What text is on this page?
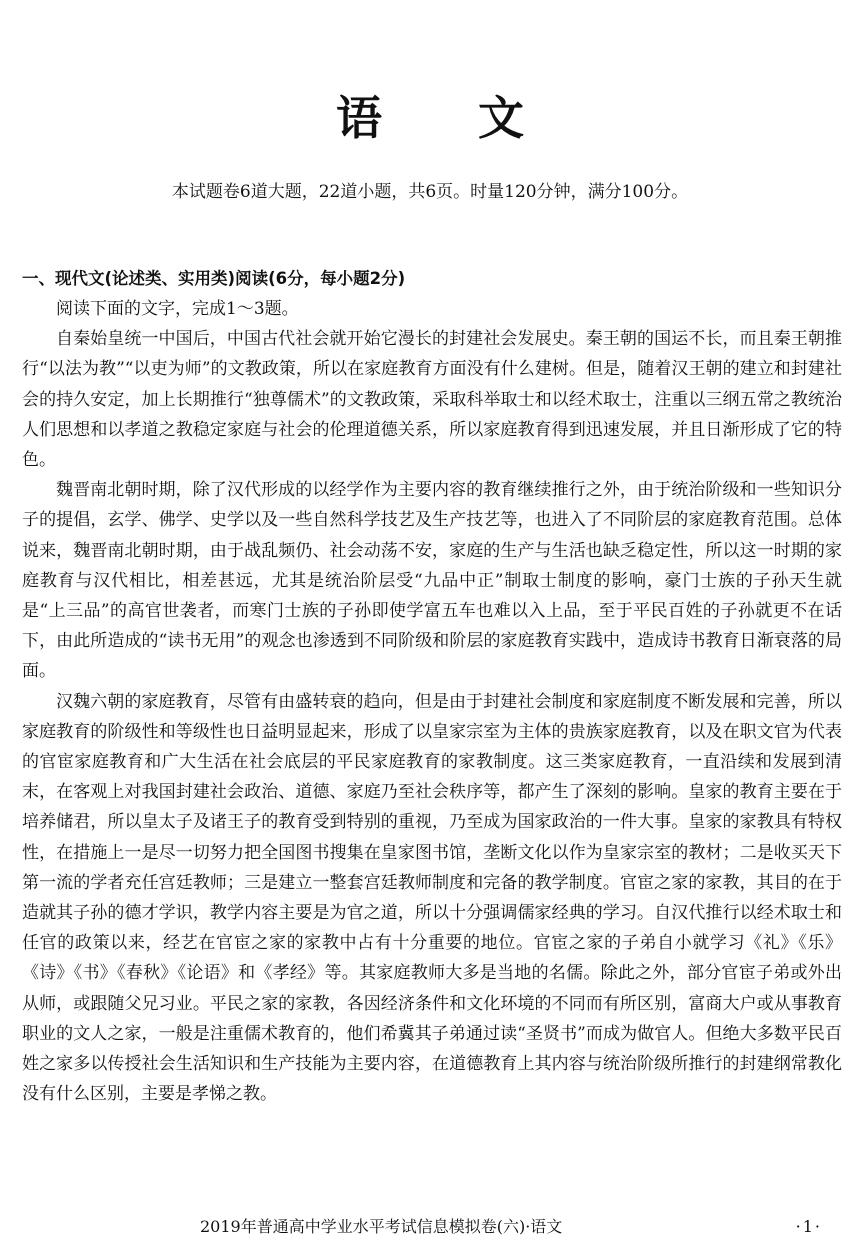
语 文
本试题卷6道大题，22道小题，共6页。时量120分钟，满分100分。
一、现代文(论述类、实用类)阅读(6分，每小题2分)

阅读下面的文字，完成1～3题。

自秦始皇统一中国后，中国古代社会就开始它漫长的封建社会发展史。秦王朝的国运不长，而且秦王朝推行“以法为教”“以吏为师”的文教政策，所以在家庭教育方面没有什么建树。但是，随着汉王朝的建立和封建社会的持久安定，加上长期推行“独尊儒术”的文教政策，采取科举取士和以经术取士，注重以三纲五常之教统治人们思想和以孝道之教稳定家庭与社会的伦理道德关系，所以家庭教育得到迅速发展，并且日渐形成了它的特色。

魏晋南北朝时期，除了汉代形成的以经学作为主要内容的教育继续推行之外，由于统治阶级和一些知识分子的提倡，玄学、佛学、史学以及一些自然科学技艺及生产技艺等，也进入了不同阶层的家庭教育范围。总体说来，魏晋南北朝时期，由于战乱频仍、社会动荡不安，家庭的生产与生活也缺乏稳定性，所以这一时期的家庭教育与汉代相比，相差甚远，尤其是统治阶层受“九品中正”制取士制度的影响，豪门士族的子孙天生就是“上三品”的高官世袭者，而寒门士族的子孙即使学富五车也难以入上品，至于平民百姓的子孙就更不在话下，由此所造成的“读书无用”的观念也渗透到不同阶级和阶层的家庭教育实践中，造成诗书教育日渐衰落的局面。

汉魏六朝的家庭教育，尽管有由盛转衰的趋向，但是由于封建社会制度和家庭制度不断发展和完善，所以家庭教育的阶级性和等级性也日益明显起来，形成了以皇家宗室为主体的贵族家庭教育，以及在职文官为代表的官宦家庭教育和广大生活在社会底层的平民家庭教育的家教制度。这三类家庭教育，一直沿续和发展到清末，在客观上对我国封建社会政治、道德、家庭乃至社会秩序等，都产生了深刻的影响。皇家的教育主要在于培养储君，所以皇太子及诸王子的教育受到特别的重视，乃至成为国家政治的一件大事。皇家的家教具有特权性，在措施上一是尽一切努力把全国图书搜集在皇家图书馆，垄断文化以作为皇家宗室的教材；二是收买天下第一流的学者充任宫廷教师；三是建立一整套宫廷教师制度和完备的教学制度。官宦之家的家教，其目的在于造就其子孙的德才学识，教学内容主要是为官之道，所以十分强调儒家经典的学习。自汉代推行以经术取士和任官的政策以来，经艺在官宦之家的家教中占有十分重要的地位。官宦之家的子弟自小就学习《礼》《乐》《诗》《书》《春秋》《论语》和《孝经》等。其家庭教师大多是当地的名儒。除此之外，部分官宦子弟或外出从师，或跟随父兄习业。平民之家的家教，各因经济条件和文化环境的不同而有所区别，富商大户或从事教育职业的文人之家，一般是注重儒术教育的，他们希冀其子弟通过读“圣贤书”而成为做官人。但绝大多数平民百姓之家多以传授社会生活知识和生产技能为主要内容，在道德教育上其内容与统治阶级所推行的封建纲常教化没有什么区别，主要是孝悌之教。

2019年普通高中学业水平考试信息模拟卷(六)·语文	·1·
